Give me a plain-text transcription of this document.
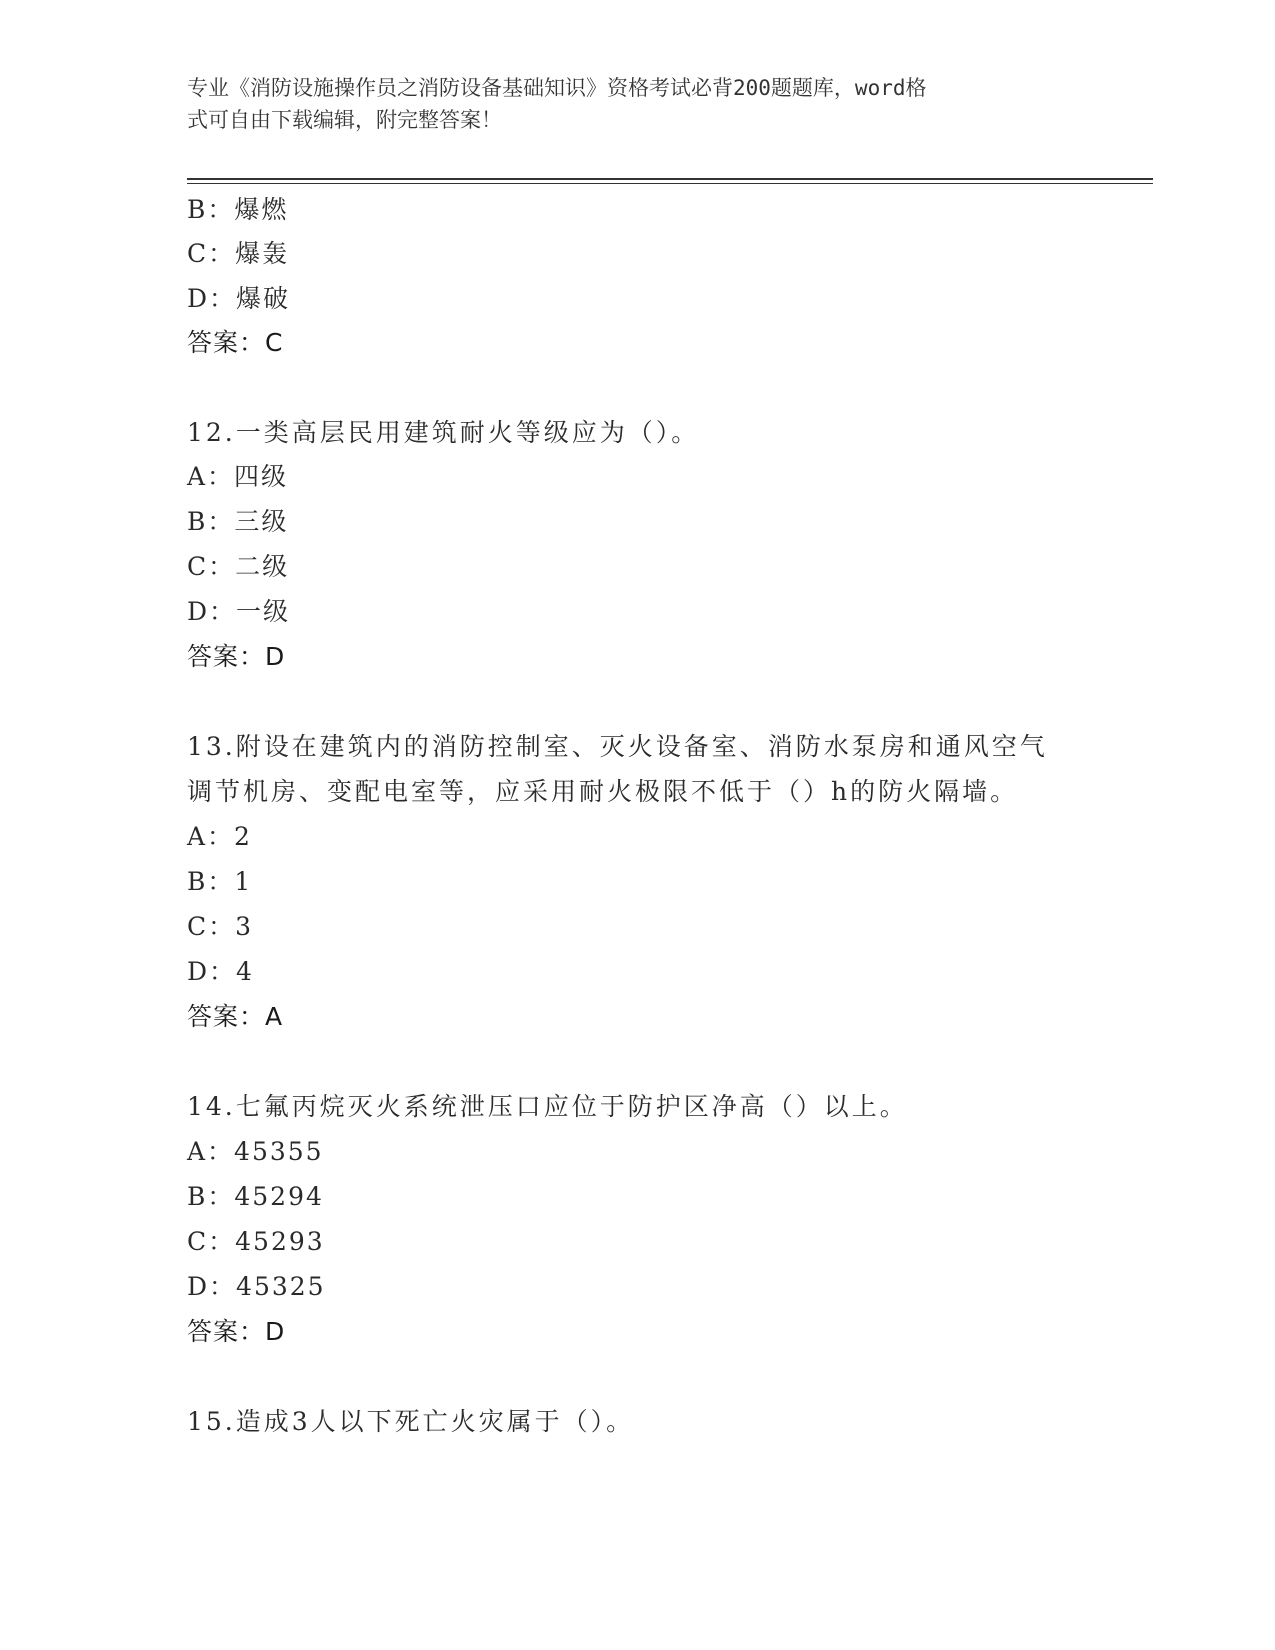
专业《消防设施操作员之消防设备基础知识》资格考试必背200题题库，word格
式可自由下载编辑，附完整答案！
B：爆燃
C：爆轰
D：爆破
答案：C
12.一类高层民用建筑耐火等级应为（）。
A：四级
B：三级
C：二级
D：一级
答案：D
13.附设在建筑内的消防控制室、灭火设备室、消防水泵房和通风空气
调节机房、变配电室等，应采用耐火极限不低于（）h的防火隔墙。
A：2
B：1
C：3
D：4
答案：A
14.七氟丙烷灭火系统泄压口应位于防护区净高（）以上。
A：45355
B：45294
C：45293
D：45325
答案：D
15.造成3人以下死亡火灾属于（）。
